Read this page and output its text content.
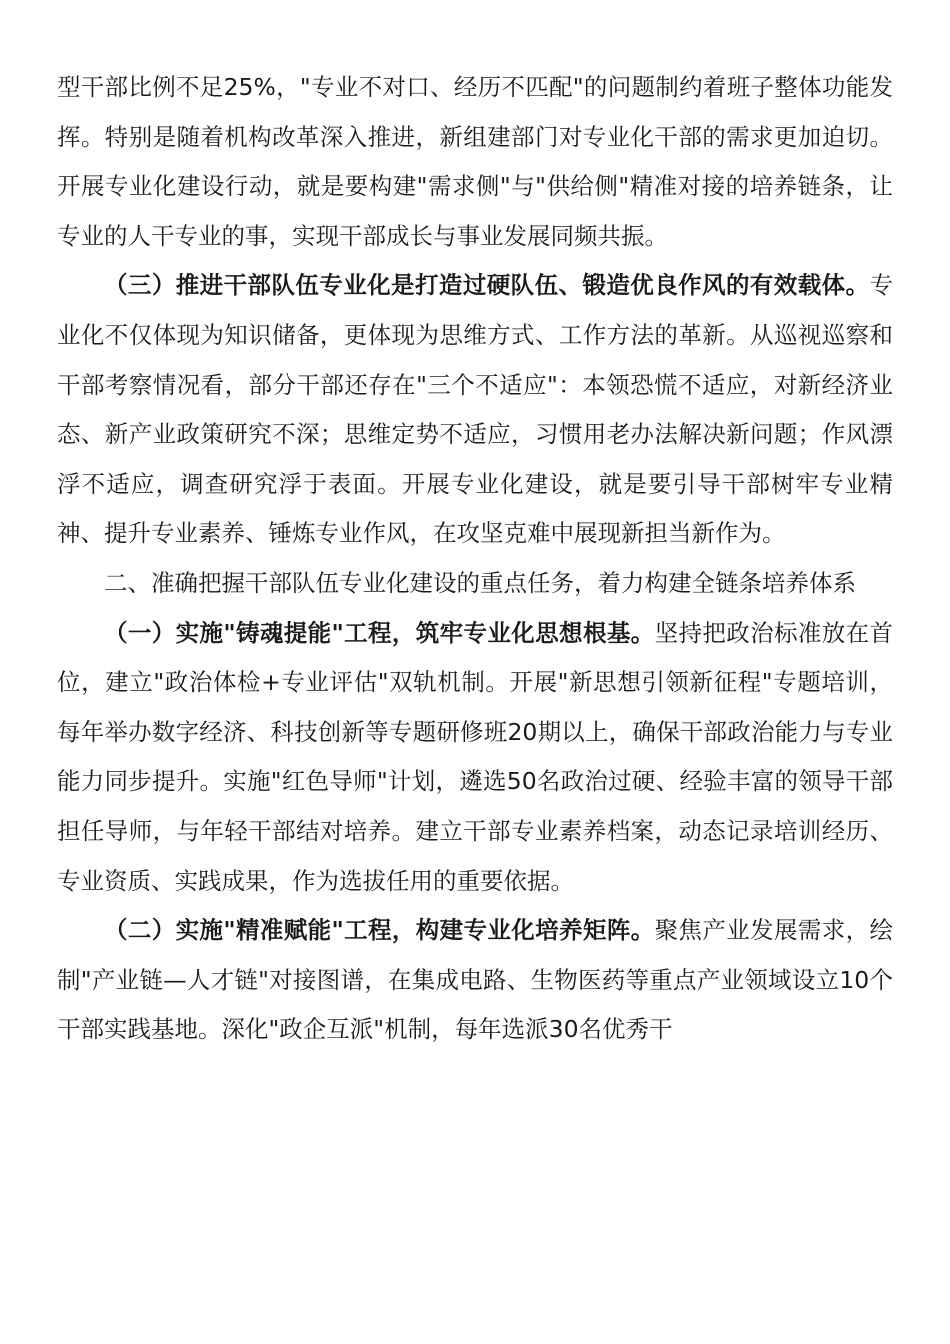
型干部比例不足25%，"专业不对口、经历不匹配"的问题制约着班子整体功能发挥。特别是随着机构改革深入推进，新组建部门对专业化干部的需求更加迫切。开展专业化建设行动，就是要构建"需求侧"与"供给侧"精准对接的培养链条，让专业的人干专业的事，实现干部成长与事业发展同频共振。

（三）推进干部队伍专业化是打造过硬队伍、锻造优良作风的有效载体。专业化不仅体现为知识储备，更体现为思维方式、工作方法的革新。从巡视巡察和干部考察情况看，部分干部还存在"三个不适应"：本领恐慌不适应，对新经济业态、新产业政策研究不深；思维定势不适应，习惯用老办法解决新问题；作风漂浮不适应，调查研究浮于表面。开展专业化建设，就是要引导干部树牢专业精神、提升专业素养、锤炼专业作风，在攻坚克难中展现新担当新作为。

二、准确把握干部队伍专业化建设的重点任务，着力构建全链条培养体系

（一）实施"铸魂提能"工程，筑牢专业化思想根基。坚持把政治标准放在首位，建立"政治体检+专业评估"双轨机制。开展"新思想引领新征程"专题培训，每年举办数字经济、科技创新等专题研修班20期以上，确保干部政治能力与专业能力同步提升。实施"红色导师"计划，遴选50名政治过硬、经验丰富的领导干部担任导师，与年轻干部结对培养。建立干部专业素养档案，动态记录培训经历、专业资质、实践成果，作为选拔任用的重要依据。

（二）实施"精准赋能"工程，构建专业化培养矩阵。聚焦产业发展需求，绘制"产业链—人才链"对接图谱，在集成电路、生物医药等重点产业领域设立10个干部实践基地。深化"政企互派"机制，每年选派30名优秀干
